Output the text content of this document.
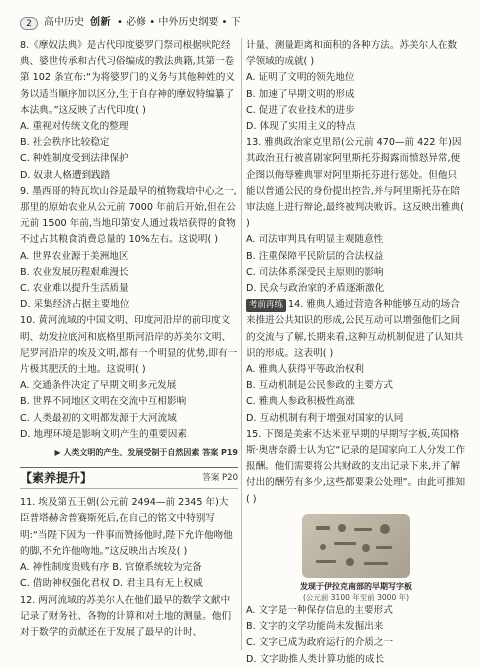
2	高中历史 创新 • 必修 • 中外历史纲要 • 下
8.《摩奴法典》是古代印度婆罗门祭司根据吠陀经典、婆世传承和古代习俗编成的教法典籍,其第一卷第 102 条宣布:“为将婆罗门的义务与其他种姓的义务以适当顺序加以区分,生于自存神的摩奴特编纂了本法典。”这反映了古代印度( )
A. 重视对传统文化的整理
B. 社会秩序比较稳定
C. 种姓制度受到法律保护
D. 奴隶人格遭到践踏
9. 墨西哥的特瓦坎山谷是最早的植物栽培中心之一,那里的原始农业从公元前 7000 年前后开始,但在公元前 1500 年前,当地印第安人通过栽培获得的食物不过占其粮食消费总量的 10%左右。这说明( )
A. 世界农业源于美洲地区
B. 农业发展历程艰难漫长
C. 农业难以提升生活质量
D. 采集经济占据主要地位
10. 黄河流域的中国文明、印度河沿岸的前印度文明、幼发拉底河和底格里斯河沿岸的苏美尔文明、尼罗河沿岸的埃及文明,都有一个明显的优势,即有一片极其肥沃的土地。这说明( )
A. 交通条件决定了早期文明多元发展
B. 世界不同地区文明在交流中互相影响
C. 人类最初的文明都发源于大河流域
D. 地理环境是影响文明产生的重要因素
▶ 人类文明的产生、发展受制于自然因素 答案 P19
【素养提升】	答案 P20
11. 埃及第五王朝(公元前 2494—前 2345 年)大臣普塔赫舍普赛斯死后,在自己的铭文中特别写明:“当陛下因为一件事而赞扬他时,陛下允许他吻他的脚,不允许他吻地。”这反映出古埃及( )
A. 神性制度贵贱有序 B. 官僚系统较为完备
C. 借助神权强化君权 D. 君主具有无上权威
12. 两河流域的苏美尔人在他们最早的数学文献中记录了财务社、各物的计算和对土地的测量。他们对于数学的贡献还在于发展了最早的计时、
计量、测量距离和面积的各种方法。苏美尔人在数学领域的成就( )
A. 证明了文明的领先地位
B. 加速了早期文明的形成
C. 促进了农业技术的进步
D. 体现了实用主义的特点
13. 雅典政治家克里昂(公元前 470—前 422 年)因其政治丑行被喜剧家阿里斯托芬揭露而愤怒异常,便企图以侮辱雅典罪对阿里斯托芬进行惩处。但他只能以普通公民的身份提出控告,并与阿里斯托芬在陪审法庭上进行辩论,最终被判决败诉。这反映出雅典( )
A. 司法审判具有明显主观随意性
B. 注重保障平民阶层的合法权益
C. 司法体系深受民主原则的影响
D. 民众与政治家的矛盾逐渐激化
考前再练 14. 雅典人通过营造各种能够互动的场合来推进公共知识的形成,公民互动可以增强他们之间的交流与了解,长期来看,这种互动机制促进了认知共识的形成。这表明( )
A. 雅典人获得平等政治权利
B. 互动机制是公民参政的主要方式
C. 雅典人参政积极性高涨
D. 互动机制有利于增强对国家的认同
15. 下图是美索不达米亚早期的早期写字板,英国格斯·奥唐奈爵士认为它“记录的是国家向工人分发工作报酬。他们需要将公共财政的支出记录下来,并了解付出的酬劳有多少,这些都要秉公处理”。由此可推知( )
发现于伊拉克南部的早期写字板
(公元前 3100 年至前 3000 年)
A. 文字是一种保存信息的主要形式
B. 文字的文学功能尚未发掘出来
C. 文字已成为政府运行的介质之一
D. 文字助推人类计算功能的成长
